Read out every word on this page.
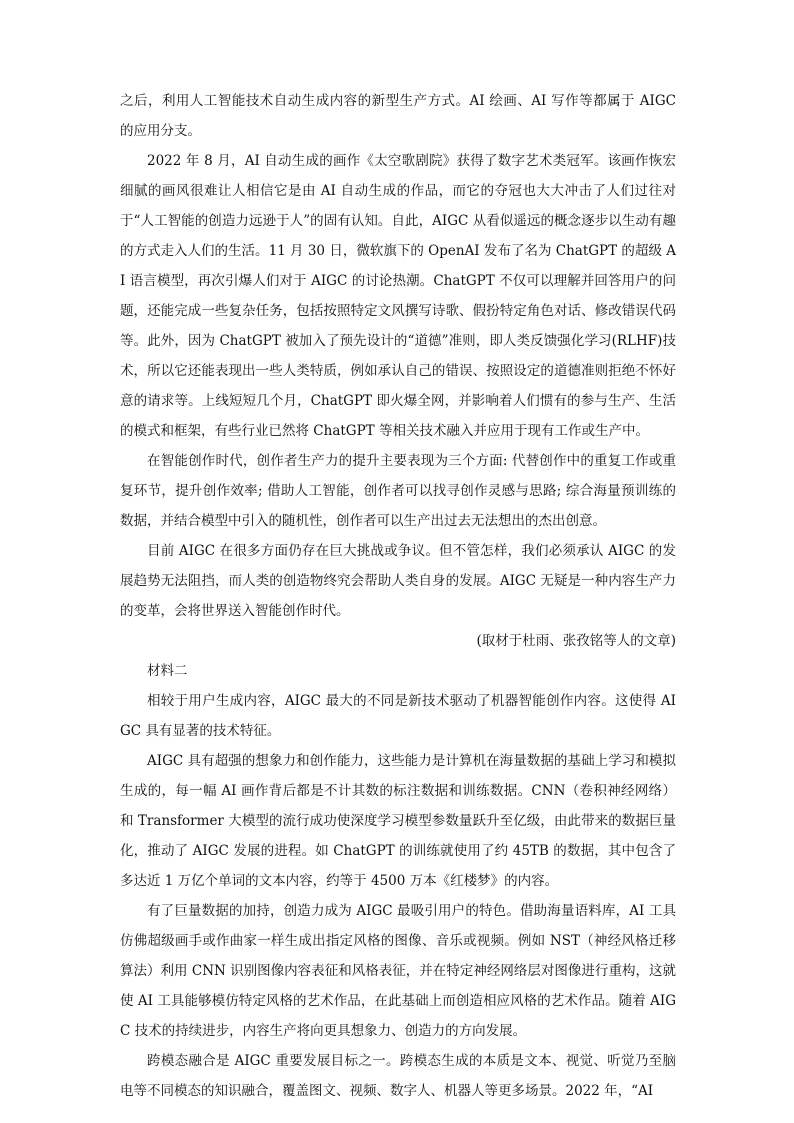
之后，利用人工智能技术自动生成内容的新型生产方式。AI 绘画、AI 写作等都属于 AIGC 的应用分支。

2022 年 8 月，AI 自动生成的画作《太空歌剧院》获得了数字艺术类冠军。该画作恢宏细腻的画风很难让人相信它是由 AI 自动生成的作品，而它的夺冠也大大冲击了人们过往对于“人工智能的创造力远逊于人”的固有认知。自此，AIGC 从看似遥远的概念逐步以生动有趣的方式走入人们的生活。11 月 30 日，微软旗下的 OpenAI 发布了名为 ChatGPT 的超级 AI 语言模型，再次引爆人们对于 AIGC 的讨论热潮。ChatGPT 不仅可以理解并回答用户的问题，还能完成一些复杂任务，包括按照特定文风撰写诗歌、假扮特定角色对话、修改错误代码等。此外，因为 ChatGPT 被加入了预先设计的“道德”准则，即人类反馈强化学习(RLHF)技术，所以它还能表现出一些人类特质，例如承认自己的错误、按照设定的道德准则拒绝不怀好意的请求等。上线短短几个月，ChatGPT 即火爆全网，并影响着人们惯有的参与生产、生活的模式和框架，有些行业已然将 ChatGPT 等相关技术融入并应用于现有工作或生产中。

在智能创作时代，创作者生产力的提升主要表现为三个方面: 代替创作中的重复工作或重复环节，提升创作效率; 借助人工智能，创作者可以找寻创作灵感与思路; 综合海量预训练的数据，并结合模型中引入的随机性，创作者可以生产出过去无法想出的杰出创意。

目前 AIGC 在很多方面仍存在巨大挑战或争议。但不管怎样，我们必须承认 AIGC 的发展趋势无法阻挡，而人类的创造物终究会帮助人类自身的发展。AIGC 无疑是一种内容生产力的变革，会将世界送入智能创作时代。

(取材于杜雨、张孜铭等人的文章)

材料二

相较于用户生成内容，AIGC 最大的不同是新技术驱动了机器智能创作内容。这使得 AIGC 具有显著的技术特征。

AIGC 具有超强的想象力和创作能力，这些能力是计算机在海量数据的基础上学习和模拟生成的，每一幅 AI 画作背后都是不计其数的标注数据和训练数据。CNN（卷积神经网络）和 Transformer 大模型的流行成功使深度学习模型参数量跃升至亿级，由此带来的数据巨量化，推动了 AIGC 发展的进程。如 ChatGPT 的训练就使用了约 45TB 的数据，其中包含了多达近 1 万亿个单词的文本内容，约等于 4500 万本《红楼梦》的内容。

有了巨量数据的加持，创造力成为 AIGC 最吸引用户的特色。借助海量语料库，AI 工具仿佛超级画手或作曲家一样生成出指定风格的图像、音乐或视频。例如 NST（神经风格迁移算法）利用 CNN 识别图像内容表征和风格表征，并在特定神经网络层对图像进行重构，这就使 AI 工具能够模仿特定风格的艺术作品，在此基础上而创造相应风格的艺术作品。随着 AIGC 技术的持续进步，内容生产将向更具想象力、创造力的方向发展。

跨模态融合是 AIGC 重要发展目标之一。跨模态生成的本质是文本、视觉、听觉乃至脑电等不同模态的知识融合，覆盖图文、视频、数字人、机器人等更多场景。2022 年，“AI
